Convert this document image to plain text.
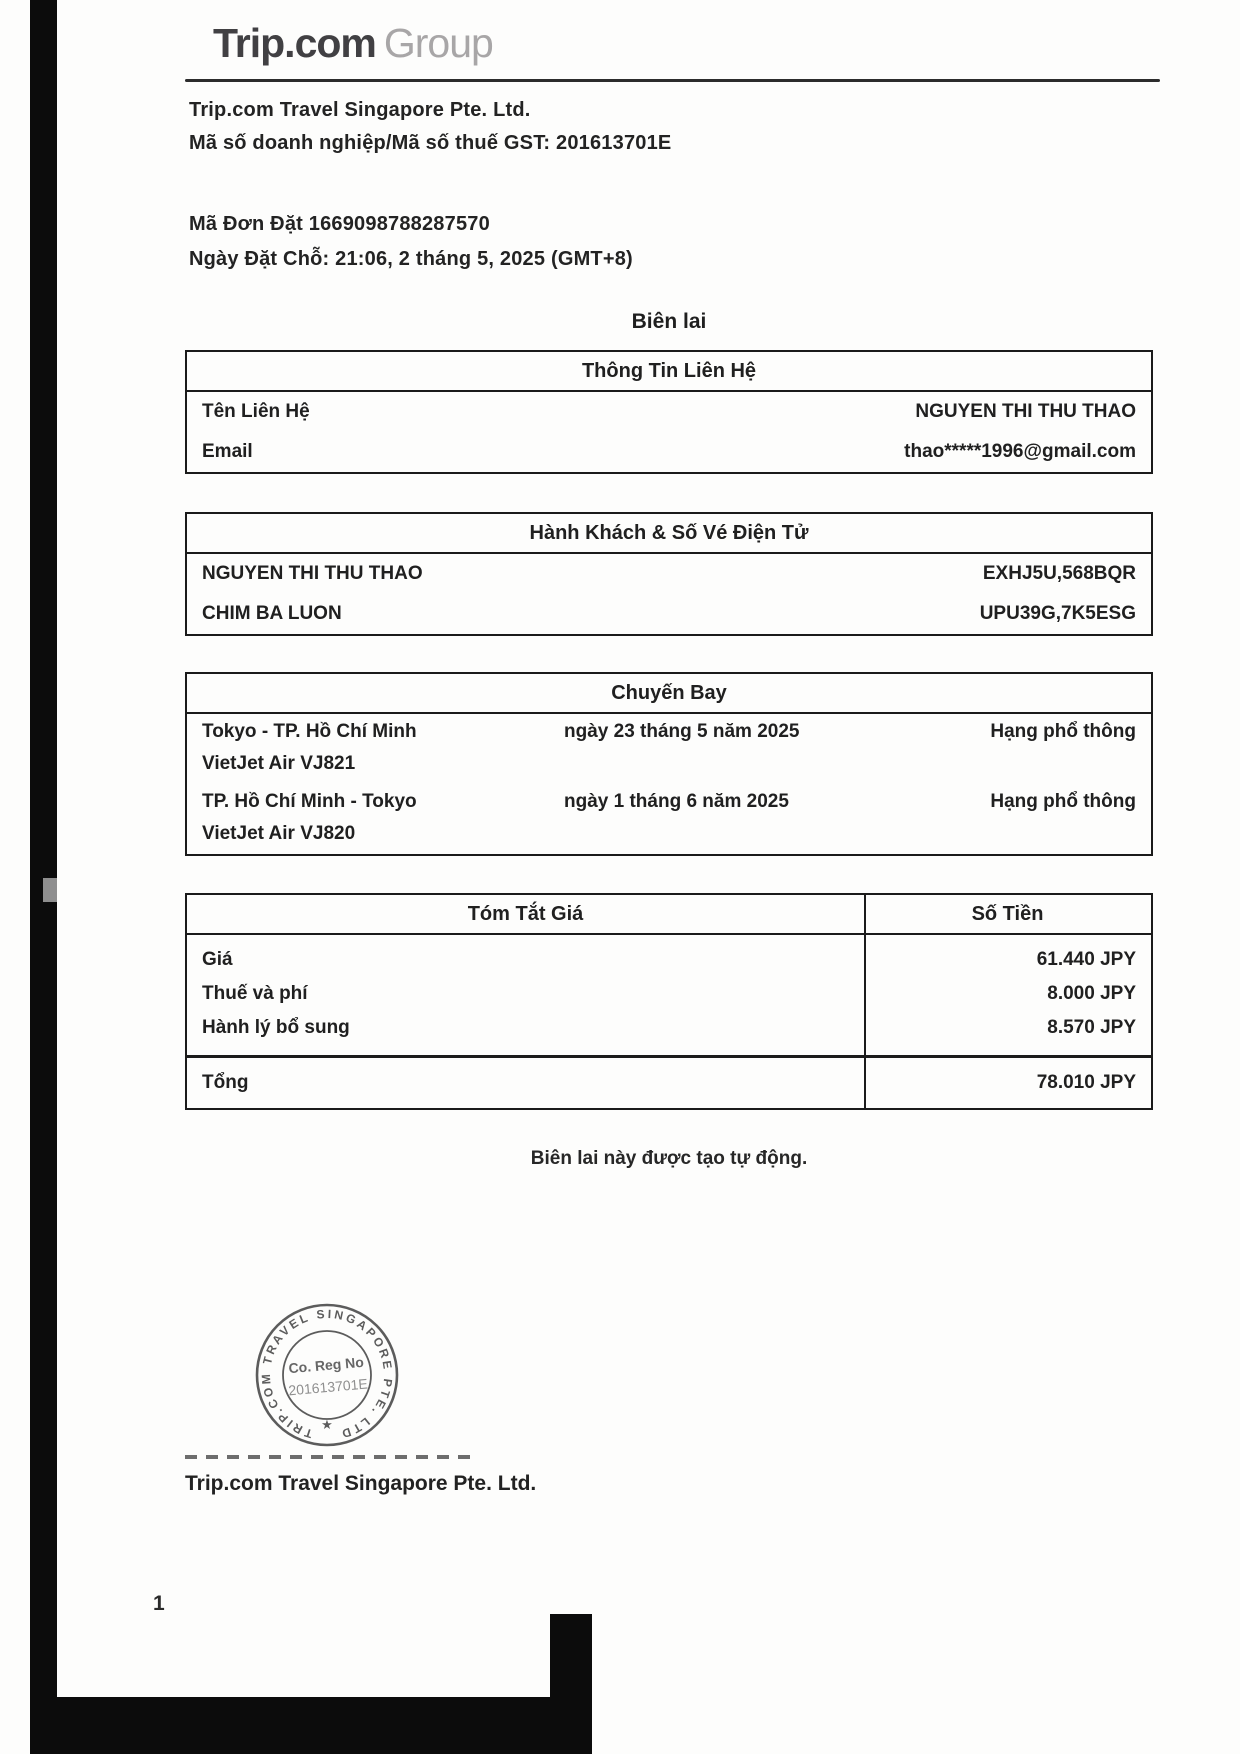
Trip.com Group
Trip.com Travel Singapore Pte. Ltd.
Mã số doanh nghiệp/Mã số thuế GST: 201613701E
Mã Đơn Đặt 1669098788287570
Ngày Đặt Chỗ: 21:06, 2 tháng 5, 2025 (GMT+8)
Biên lai
Thông Tin Liên Hệ
Tên Liên Hệ	NGUYEN THI THU THAO
Email	thao*****1996@gmail.com
Hành Khách & Số Vé Điện Tử
NGUYEN THI THU THAO	EXHJ5U,568BQR
CHIM BA LUON	UPU39G,7K5ESG
Chuyến Bay
Tokyo - TP. Hồ Chí Minh	ngày 23 tháng 5 năm 2025	Hạng phổ thông
VietJet Air VJ821
TP. Hồ Chí Minh - Tokyo	ngày 1 tháng 6 năm 2025	Hạng phổ thông
VietJet Air VJ820
Tóm Tắt Giá	Số Tiền
Giá	61.440 JPY
Thuế và phí	8.000 JPY
Hành lý bổ sung	8.570 JPY
Tổng	78.010 JPY
Biên lai này được tạo tự động.
TRIP.COM TRAVEL SINGAPORE PTE. LTD
Co. Reg No
201613701E
★
Trip.com Travel Singapore Pte. Ltd.
1
